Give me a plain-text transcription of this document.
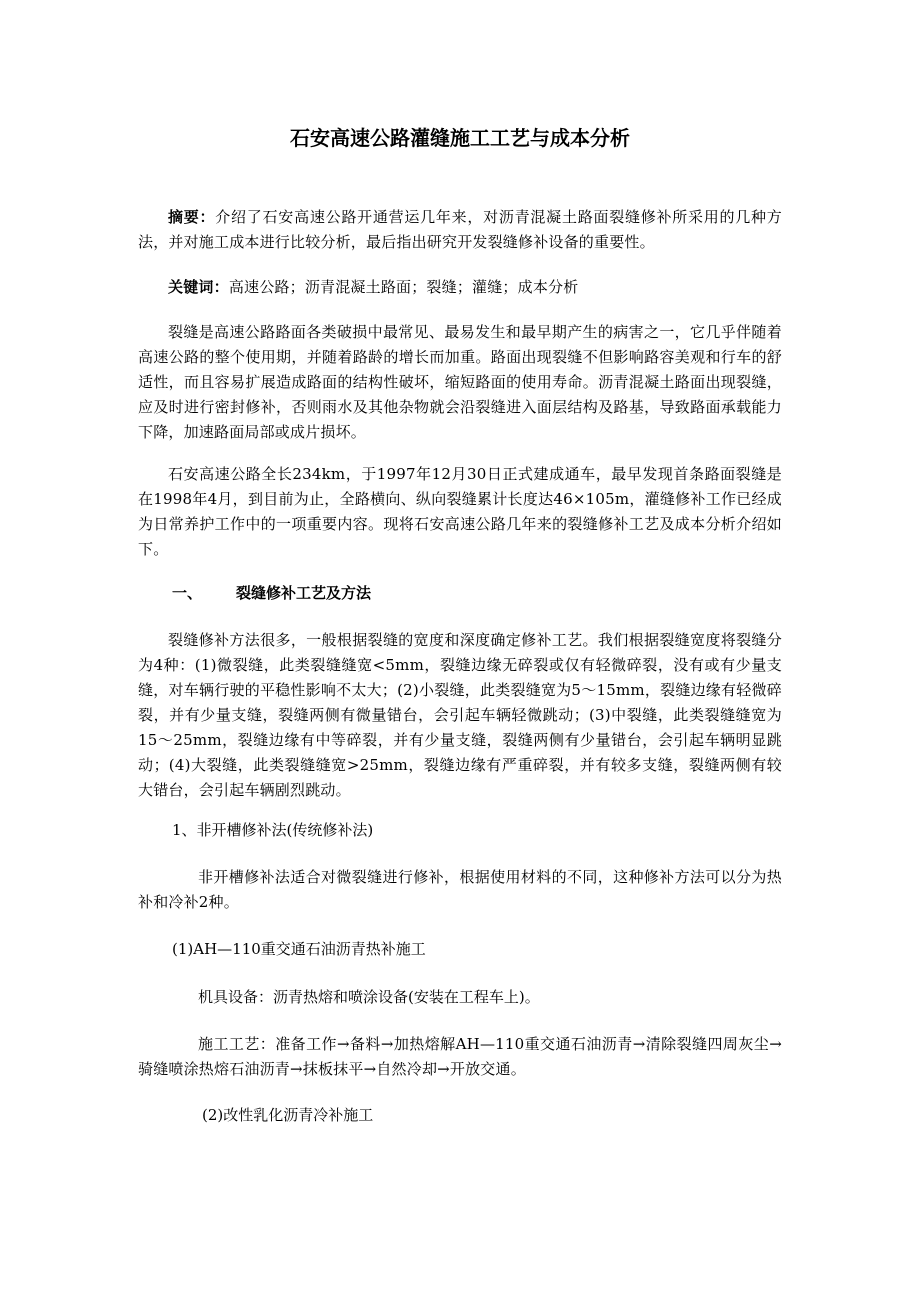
石安高速公路灌缝施工工艺与成本分析

摘要：介绍了石安高速公路开通营运几年来，对沥青混凝土路面裂缝修补所采用的几种方法，并对施工成本进行比较分析，最后指出研究开发裂缝修补设备的重要性。

关键词：高速公路；沥青混凝土路面；裂缝；灌缝；成本分析

裂缝是高速公路路面各类破损中最常见、最易发生和最早期产生的病害之一，它几乎伴随着高速公路的整个使用期，并随着路龄的增长而加重。路面出现裂缝不但影响路容美观和行车的舒适性，而且容易扩展造成路面的结构性破坏，缩短路面的使用寿命。沥青混凝土路面出现裂缝，应及时进行密封修补，否则雨水及其他杂物就会沿裂缝进入面层结构及路基，导致路面承载能力下降，加速路面局部或成片损坏。

石安高速公路全长234km，于1997年12月30日正式建成通车，最早发现首条路面裂缝是在1998年4月，到目前为止，全路横向、纵向裂缝累计长度达46×105m，灌缝修补工作已经成为日常养护工作中的一项重要内容。现将石安高速公路几年来的裂缝修补工艺及成本分析介绍如下。

一、 裂缝修补工艺及方法

裂缝修补方法很多，一般根据裂缝的宽度和深度确定修补工艺。我们根据裂缝宽度将裂缝分为4种：(1)微裂缝，此类裂缝缝宽<5mm，裂缝边缘无碎裂或仅有轻微碎裂，没有或有少量支缝，对车辆行驶的平稳性影响不太大；(2)小裂缝，此类裂缝宽为5～15mm，裂缝边缘有轻微碎裂，并有少量支缝，裂缝两侧有微量错台，会引起车辆轻微跳动；(3)中裂缝，此类裂缝缝宽为15～25mm，裂缝边缘有中等碎裂，并有少量支缝，裂缝两侧有少量错台，会引起车辆明显跳动；(4)大裂缝，此类裂缝缝宽>25mm，裂缝边缘有严重碎裂，并有较多支缝，裂缝两侧有较大错台，会引起车辆剧烈跳动。

1、非开槽修补法(传统修补法)

非开槽修补法适合对微裂缝进行修补，根据使用材料的不同，这种修补方法可以分为热补和冷补2种。

(1)AH—110重交通石油沥青热补施工

机具设备：沥青热熔和喷涂设备(安装在工程车上)。

施工工艺：准备工作→备料→加热熔解AH—110重交通石油沥青→清除裂缝四周灰尘→骑缝喷涂热熔石油沥青→抹板抹平→自然冷却→开放交通。

(2)改性乳化沥青冷补施工
